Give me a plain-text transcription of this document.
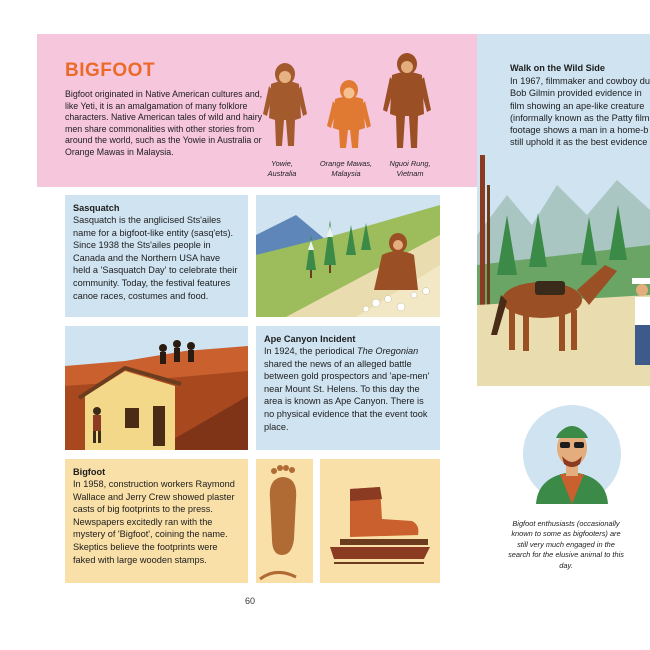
BIGFOOT
Bigfoot originated in Native American cultures and, like Yeti, it is an amalgamation of many folklore characters. Native American tales of wild and hairy men share commonalities with other stories from around the world, such as the Yowie in Australia or Orange Mawas in Malaysia.
Yowie,
Australia
Orange Mawas,
Malaysia
Nguoi Rung,
Vietnam
Sasquatch
Sasquatch is the anglicised Sts'ailes name for a bigfoot-like entity (sasq'ets). Since 1938 the Sts'ailes people in Canada and the Northern USA have held a 'Sasquatch Day' to celebrate their community. Today, the festival features canoe races, costumes and food.
Ape Canyon Incident
In 1924, the periodical The Oregonian shared the news of an alleged battle between gold prospectors and 'ape-men' near Mount St. Helens. To this day the area is known as Ape Canyon. There is no physical evidence that the event took place.
Bigfoot
In 1958, construction workers Raymond Wallace and Jerry Crew showed plaster casts of big footprints to the press. Newspapers excitedly ran with the mystery of 'Bigfoot', coining the name. Skeptics believe the footprints were faked with large wooden stamps.
Walk on the Wild Side
In 1967, filmmaker and cowboy du
Bob Gilmin provided evidence in
film showing an ape-like creature
(informally known as the Patty film
footage shows a man in a home-b
still uphold it as the best evidence
Bigfoot enthusiasts (occasionally known to some as bigfooters) are still very much engaged in the search for the elusive animal to this day.
60
